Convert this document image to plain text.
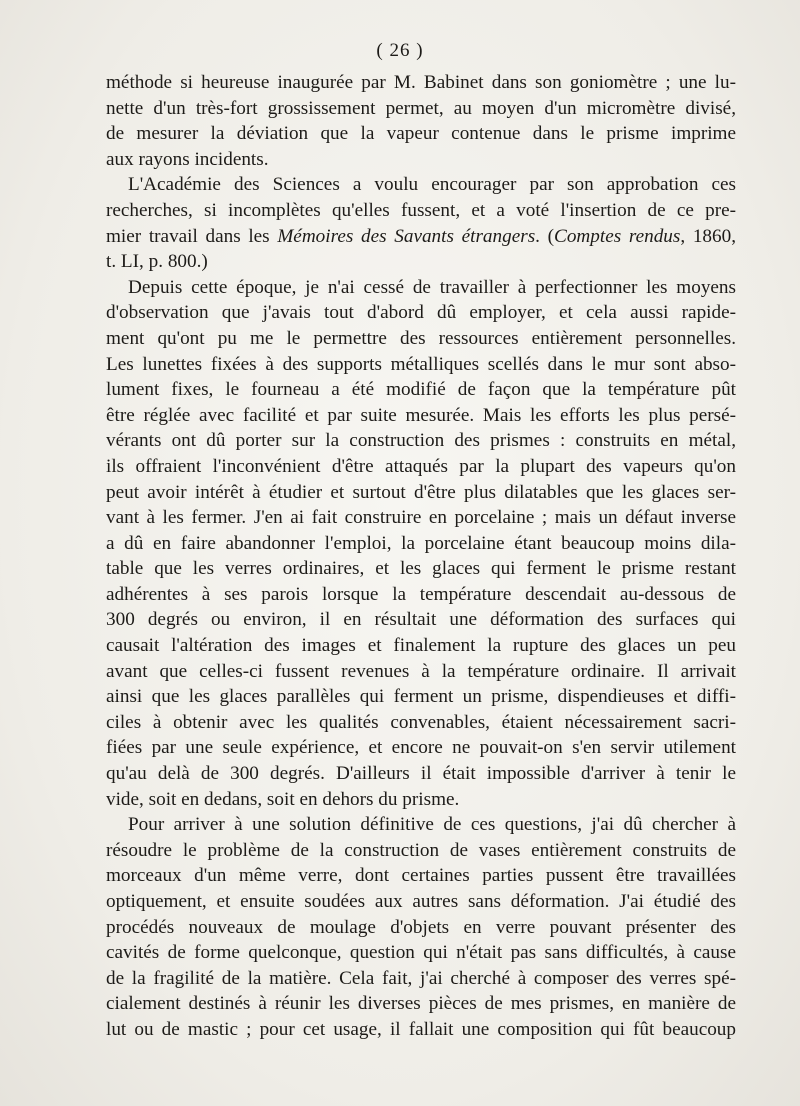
( 26 )

méthode si heureuse inaugurée par M. Babinet dans son goniomètre ; une lu-
nette d'un très-fort grossissement permet, au moyen d'un micromètre divisé,
de mesurer la déviation que la vapeur contenue dans le prisme imprime
aux rayons incidents.

L'Académie des Sciences a voulu encourager par son approbation ces
recherches, si incomplètes qu'elles fussent, et a voté l'insertion de ce pre-
mier travail dans les Mémoires des Savants étrangers. (Comptes rendus, 1860,
t. LI, p. 800.)

Depuis cette époque, je n'ai cessé de travailler à perfectionner les moyens
d'observation que j'avais tout d'abord dû employer, et cela aussi rapide-
ment qu'ont pu me le permettre des ressources entièrement personnelles.
Les lunettes fixées à des supports métalliques scellés dans le mur sont abso-
lument fixes, le fourneau a été modifié de façon que la température pût
être réglée avec facilité et par suite mesurée. Mais les efforts les plus persé-
vérants ont dû porter sur la construction des prismes : construits en métal,
ils offraient l'inconvénient d'être attaqués par la plupart des vapeurs qu'on
peut avoir intérêt à étudier et surtout d'être plus dilatables que les glaces ser-
vant à les fermer. J'en ai fait construire en porcelaine ; mais un défaut inverse
a dû en faire abandonner l'emploi, la porcelaine étant beaucoup moins dila-
table que les verres ordinaires, et les glaces qui ferment le prisme restant
adhérentes à ses parois lorsque la température descendait au-dessous de
300 degrés ou environ, il en résultait une déformation des surfaces qui
causait l'altération des images et finalement la rupture des glaces un peu
avant que celles-ci fussent revenues à la température ordinaire. Il arrivait
ainsi que les glaces parallèles qui ferment un prisme, dispendieuses et diffi-
ciles à obtenir avec les qualités convenables, étaient nécessairement sacri-
fiées par une seule expérience, et encore ne pouvait-on s'en servir utilement
qu'au delà de 300 degrés. D'ailleurs il était impossible d'arriver à tenir le
vide, soit en dedans, soit en dehors du prisme.

Pour arriver à une solution définitive de ces questions, j'ai dû chercher à
résoudre le problème de la construction de vases entièrement construits de
morceaux d'un même verre, dont certaines parties pussent être travaillées
optiquement, et ensuite soudées aux autres sans déformation. J'ai étudié des
procédés nouveaux de moulage d'objets en verre pouvant présenter des
cavités de forme quelconque, question qui n'était pas sans difficultés, à cause
de la fragilité de la matière. Cela fait, j'ai cherché à composer des verres spé-
cialement destinés à réunir les diverses pièces de mes prismes, en manière de
lut ou de mastic ; pour cet usage, il fallait une composition qui fût beaucoup
